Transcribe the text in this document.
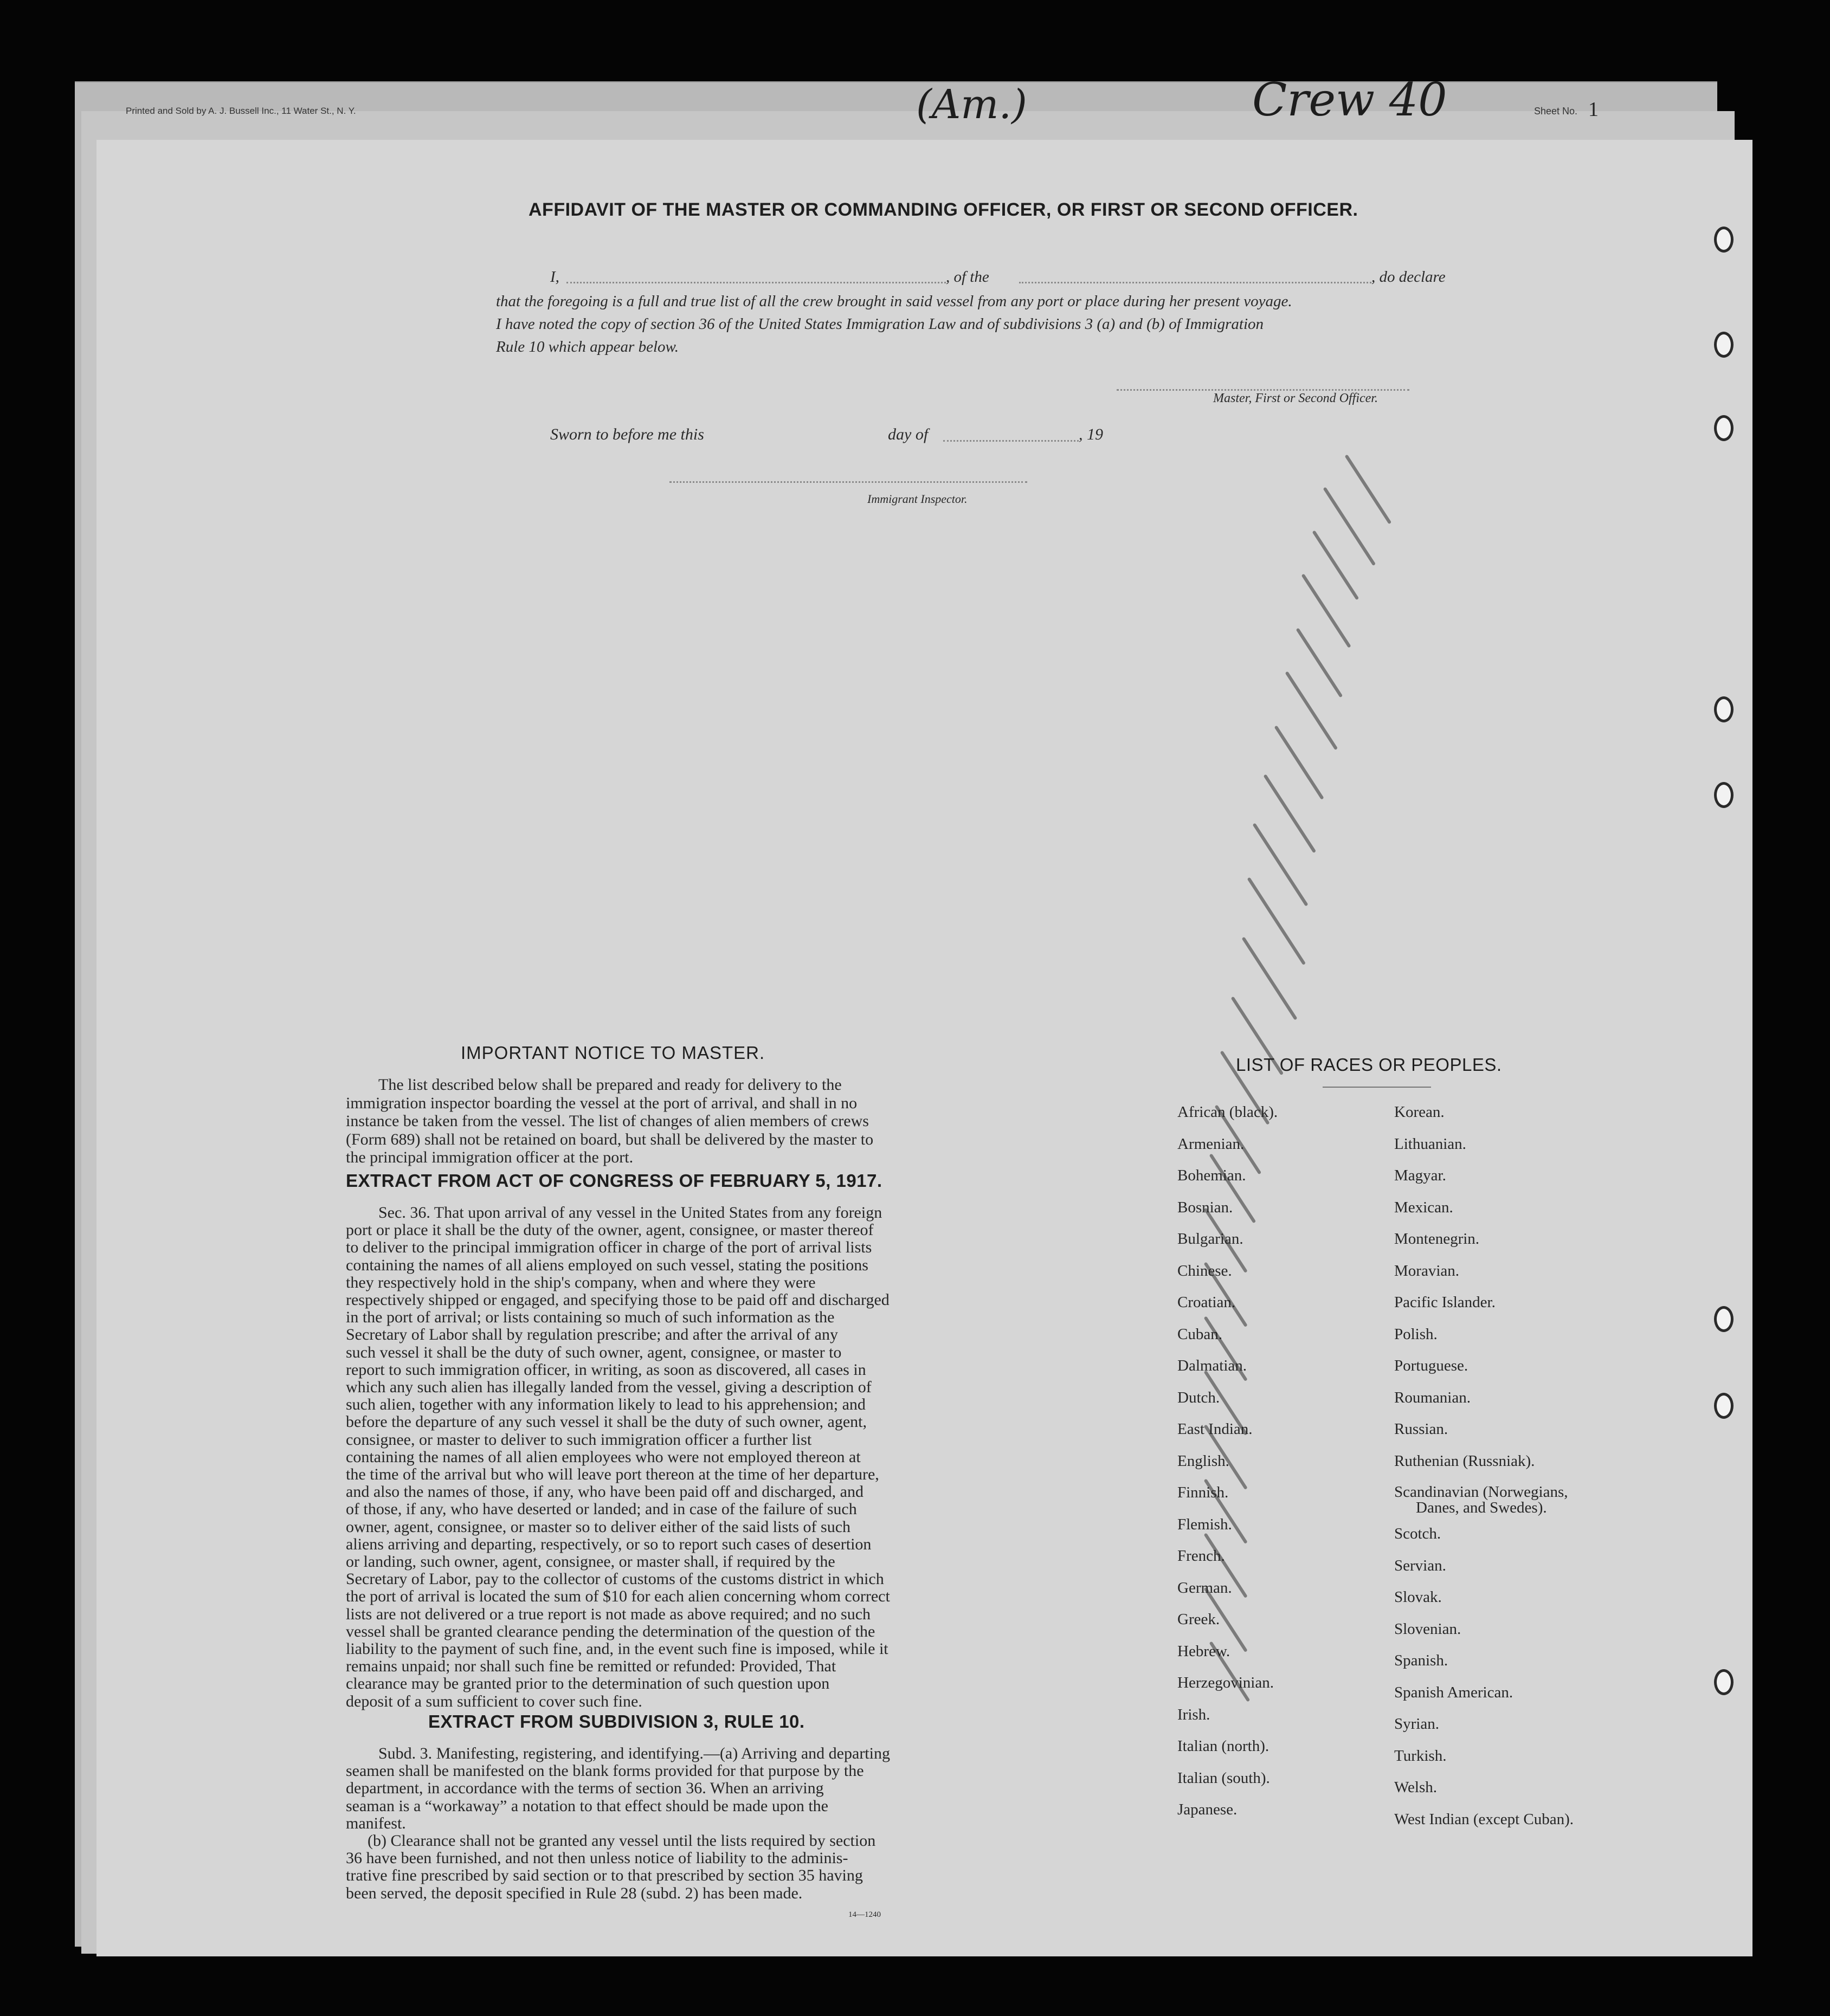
Printed and Sold by A. J. Bussell Inc., 11 Water St., N. Y.	(Am.)	Crew 40	Sheet No. 1
AFFIDAVIT OF THE MASTER OR COMMANDING OFFICER, OR FIRST OR SECOND OFFICER.
I,	, of the	, do declare
that the foregoing is a full and true list of all the crew brought in said vessel from any port or place during her present voyage.
I have noted the copy of section 36 of the United States Immigration Law and of subdivisions 3 (a) and (b) of Immigration
Rule 10 which appear below.
Master, First or Second Officer.
Sworn to before me this	day of	, 19
Immigrant Inspector.
IMPORTANT NOTICE TO MASTER.
The list described below shall be prepared and ready for delivery to the
immigration inspector boarding the vessel at the port of arrival, and shall in no
instance be taken from the vessel. The list of changes of alien members of crews
(Form 689) shall not be retained on board, but shall be delivered by the master to
the principal immigration officer at the port.
EXTRACT FROM ACT OF CONGRESS OF FEBRUARY 5, 1917.
Sec. 36. That upon arrival of any vessel in the United States from any foreign
port or place it shall be the duty of the owner, agent, consignee, or master thereof
to deliver to the principal immigration officer in charge of the port of arrival lists
containing the names of all aliens employed on such vessel, stating the positions
they respectively hold in the ship's company, when and where they were
respectively shipped or engaged, and specifying those to be paid off and discharged
in the port of arrival; or lists containing so much of such information as the
Secretary of Labor shall by regulation prescribe; and after the arrival of any
such vessel it shall be the duty of such owner, agent, consignee, or master to
report to such immigration officer, in writing, as soon as discovered, all cases in
which any such alien has illegally landed from the vessel, giving a description of
such alien, together with any information likely to lead to his apprehension; and
before the departure of any such vessel it shall be the duty of such owner, agent,
consignee, or master to deliver to such immigration officer a further list
containing the names of all alien employees who were not employed thereon at
the time of the arrival but who will leave port thereon at the time of her departure,
and also the names of those, if any, who have been paid off and discharged, and
of those, if any, who have deserted or landed; and in case of the failure of such
owner, agent, consignee, or master so to deliver either of the said lists of such
aliens arriving and departing, respectively, or so to report such cases of desertion
or landing, such owner, agent, consignee, or master shall, if required by the
Secretary of Labor, pay to the collector of customs of the customs district in which
the port of arrival is located the sum of $10 for each alien concerning whom correct
lists are not delivered or a true report is not made as above required; and no such
vessel shall be granted clearance pending the determination of the question of the
liability to the payment of such fine, and, in the event such fine is imposed, while it
remains unpaid; nor shall such fine be remitted or refunded: Provided, That
clearance may be granted prior to the determination of such question upon
deposit of a sum sufficient to cover such fine.
EXTRACT FROM SUBDIVISION 3, RULE 10.
Subd. 3. Manifesting, registering, and identifying.—(a) Arriving and departing
seamen shall be manifested on the blank forms provided for that purpose by the
department, in accordance with the terms of section 36. When an arriving
seaman is a “workaway” a notation to that effect should be made upon the
manifest.
(b) Clearance shall not be granted any vessel until the lists required by section
36 have been furnished, and not then unless notice of liability to the adminis-
trative fine prescribed by said section or to that prescribed by section 35 having
been served, the deposit specified in Rule 28 (subd. 2) has been made.
14—1240
LIST OF RACES OR PEOPLES.
African (black).
Armenian.
Bohemian.
Bosnian.
Bulgarian.
Chinese.
Croatian.
Cuban.
Dalmatian.
Dutch.
East Indian.
English.
Finnish.
Flemish.
French.
German.
Greek.
Hebrew.
Herzegovinian.
Irish.
Italian (north).
Italian (south).
Japanese.
Korean.
Lithuanian.
Magyar.
Mexican.
Montenegrin.
Moravian.
Pacific Islander.
Polish.
Portuguese.
Roumanian.
Russian.
Ruthenian (Russniak).
Scandinavian (Norwegians,
Danes, and Swedes).
Scotch.
Servian.
Slovak.
Slovenian.
Spanish.
Spanish American.
Syrian.
Turkish.
Welsh.
West Indian (except Cuban).
